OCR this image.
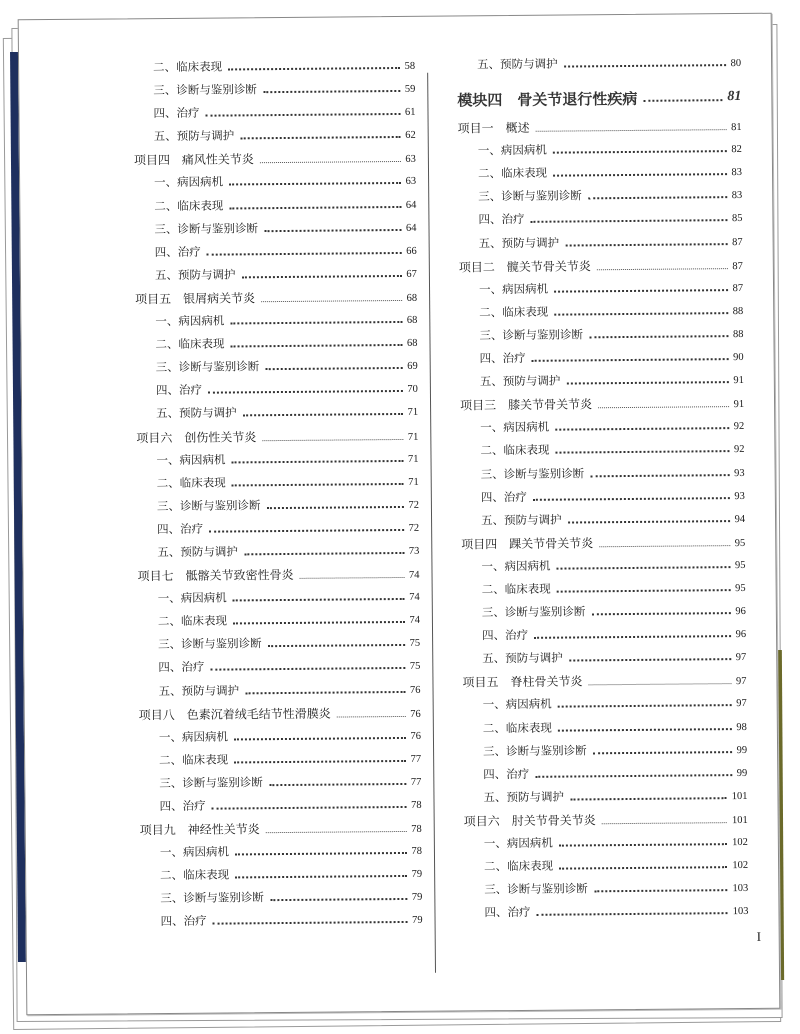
二、临床表现	58
三、诊断与鉴别诊断	59
四、治疗	61
五、预防与调护	62
项目四　痛风性关节炎	63
一、病因病机	63
二、临床表现	64
三、诊断与鉴别诊断	64
四、治疗	66
五、预防与调护	67
项目五　银屑病关节炎	68
一、病因病机	68
二、临床表现	68
三、诊断与鉴别诊断	69
四、治疗	70
五、预防与调护	71
项目六　创伤性关节炎	71
一、病因病机	71
二、临床表现	71
三、诊断与鉴别诊断	72
四、治疗	72
五、预防与调护	73
项目七　骶髂关节致密性骨炎	74
一、病因病机	74
二、临床表现	74
三、诊断与鉴别诊断	75
四、治疗	75
五、预防与调护	76
项目八　色素沉着绒毛结节性滑膜炎	76
一、病因病机	76
二、临床表现	77
三、诊断与鉴别诊断	77
四、治疗	78
项目九　神经性关节炎	78
一、病因病机	78
二、临床表现	79
三、诊断与鉴别诊断	79
四、治疗	79
五、预防与调护	80
模块四　骨关节退行性疾病	81
项目一　概述	81
一、病因病机	82
二、临床表现	83
三、诊断与鉴别诊断	83
四、治疗	85
五、预防与调护	87
项目二　髋关节骨关节炎	87
一、病因病机	87
二、临床表现	88
三、诊断与鉴别诊断	88
四、治疗	90
五、预防与调护	91
项目三　膝关节骨关节炎	91
一、病因病机	92
二、临床表现	92
三、诊断与鉴别诊断	93
四、治疗	93
五、预防与调护	94
项目四　踝关节骨关节炎	95
一、病因病机	95
二、临床表现	95
三、诊断与鉴别诊断	96
四、治疗	96
五、预防与调护	97
项目五　脊柱骨关节炎	97
一、病因病机	97
二、临床表现	98
三、诊断与鉴别诊断	99
四、治疗	99
五、预防与调护	101
项目六　肘关节骨关节炎	101
一、病因病机	102
二、临床表现	102
三、诊断与鉴别诊断	103
四、治疗	103
I
